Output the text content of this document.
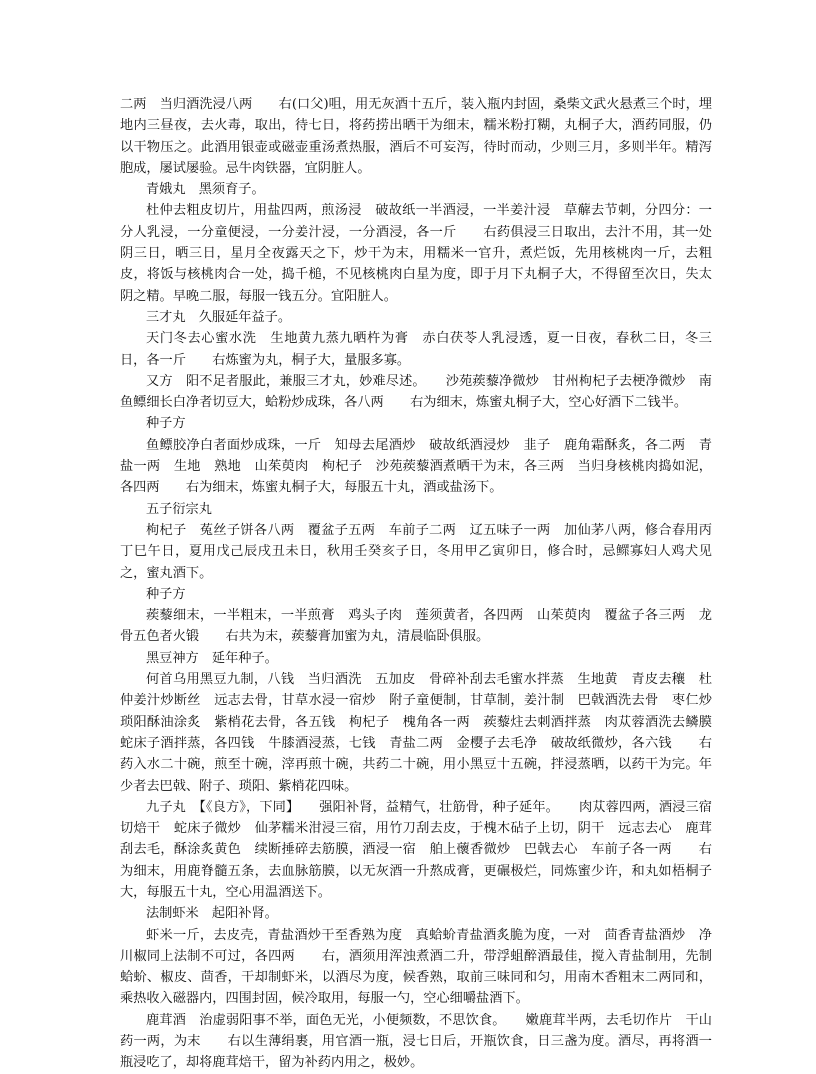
二两　当归酒洗浸八两　　右(口父)咀，用无灰酒十五斤，装入瓶内封固，桑柴文武火悬煮三个时，埋地内三昼夜，去火毒，取出，待七日，将药捞出晒干为细末，糯米粉打糊，丸桐子大，酒药同服，仍以干物压之。此酒用银壶或磁壶重汤煮热服，酒后不可妄泻，待时而动，少则三月，多则半年。精泻胞成，屡试屡验。忌牛肉铁器，宜阴脏人。

青娥丸　黑须育子。

杜仲去粗皮切片，用盐四两，煎汤浸　破故纸一半酒浸，一半姜汁浸　草薢去节刺，分四分：一分人乳浸，一分童便浸，一分姜汁浸，一分酒浸，各一斤　　右药俱浸三日取出，去汁不用，其一处阴三日，晒三日，星月全夜露天之下，炒干为末，用糯米一官升，煮烂饭，先用核桃肉一斤，去粗皮，将饭与核桃肉合一处，捣千槌，不见核桃肉白星为度，即于月下丸桐子大，不得留至次日，失太阴之精。早晚二服，每服一钱五分。宜阳脏人。

三才丸　久服延年益子。

天门冬去心蜜水洗　生地黄九蒸九晒杵为膏　赤白茯苓人乳浸透，夏一日夜，春秋二日，冬三日，各一斤　　右炼蜜为丸，桐子大，量服多寡。

又方　阳不足者服此，兼服三才丸，妙难尽述。　　沙苑蒺藜净微炒　甘州枸杞子去梗净微炒　南鱼鳔细长白净者切豆大，蛤粉炒成珠，各八两　　右为细末，炼蜜丸桐子大，空心好酒下二钱半。

种子方

鱼鳔胶净白者面炒成珠，一斤　知母去尾酒炒　破故纸酒浸炒　韭子　鹿角霜酥炙，各二两　青盐一两　生地　熟地　山茱萸肉　枸杞子　沙苑蒺藜酒煮晒干为末，各三两　当归身核桃肉捣如泥，各四两　　右为细末，炼蜜丸桐子大，每服五十丸，酒或盐汤下。

五子衍宗丸

枸杞子　菟丝子饼各八两　覆盆子五两　车前子二两　辽五味子一两　加仙茅八两，修合春用丙丁巳午日，夏用戊己辰戌丑未日，秋用壬癸亥子日，冬用甲乙寅卯日，修合时，忌鳏寡妇人鸡犬见之，蜜丸酒下。

种子方

蒺藜细末，一半粗末，一半煎膏　鸡头子肉　莲须黄者，各四两　山茱萸肉　覆盆子各三两　龙骨五色者火锻　　右共为末，蒺藜膏加蜜为丸，清晨临卧俱服。

黑豆神方　延年种子。

何首乌用黑豆九制，八钱　当归酒洗　五加皮　骨碎补刮去毛蜜水拌蒸　生地黄　青皮去穰　杜仲姜汁炒断丝　远志去骨，甘草水浸一宿炒　附子童便制，甘草制，姜汁制　巴戟酒洗去骨　枣仁炒　琐阳酥油涂炙　紫梢花去骨，各五钱　枸杞子　槐角各一两　蒺藜炷去刺酒拌蒸　肉苁蓉酒洗去鳞膜　蛇床子酒拌蒸，各四钱　牛膝酒浸蒸，七钱　青盐二两　金樱子去毛净　破故纸微炒，各六钱　　右药入水二十碗，煎至十碗，滓再煎十碗，共药二十碗，用小黑豆十五碗，拌浸蒸晒，以药干为完。年少者去巴戟、附子、琐阳、紫梢花四味。

九子丸　【《良方》，下同】　　强阳补肾，益精气，壮筋骨，种子延年。　　肉苁蓉四两，酒浸三宿切焙干　蛇床子微炒　仙茅糯米泔浸三宿，用竹刀刮去皮，于槐木砧子上切，阴干　远志去心　鹿茸刮去毛，酥涂炙黄色　续断捶碎去筋膜，酒浸一宿　舶上蘹香微炒　巴戟去心　车前子各一两　　右为细末，用鹿脊髓五条，去血脉筋膜，以无灰酒一升熬成膏，更碾极烂，同炼蜜少许，和丸如梧桐子大，每服五十丸，空心用温酒送下。

法制虾米　起阳补肾。

虾米一斤，去皮壳，青盐酒炒干至香熟为度　真蛤蚧青盐酒炙脆为度，一对　茴香青盐酒炒　净川椒同上法制不可过，各四两　　右，酒须用浑浊煮酒二升，带浮蛆醉酒最佳，搅入青盐制用，先制蛤蚧、椒皮、茴香，干却制虾米，以酒尽为度，候香熟，取前三味同和匀，用南木香粗末二两同和，乘热收入磁器内，四围封固，候冷取用，每服一勺，空心细嚼盐酒下。

鹿茸酒　治虚弱阳事不举，面色无光，小便频数，不思饮食。　　嫩鹿茸半两，去毛切作片　干山药一两，为末　　右以生薄绢裹，用官酒一瓶，浸七日后，开瓶饮食，日三盏为度。酒尽，再将酒一瓶浸吃了，却将鹿茸焙干，留为补药内用之，极妙。
